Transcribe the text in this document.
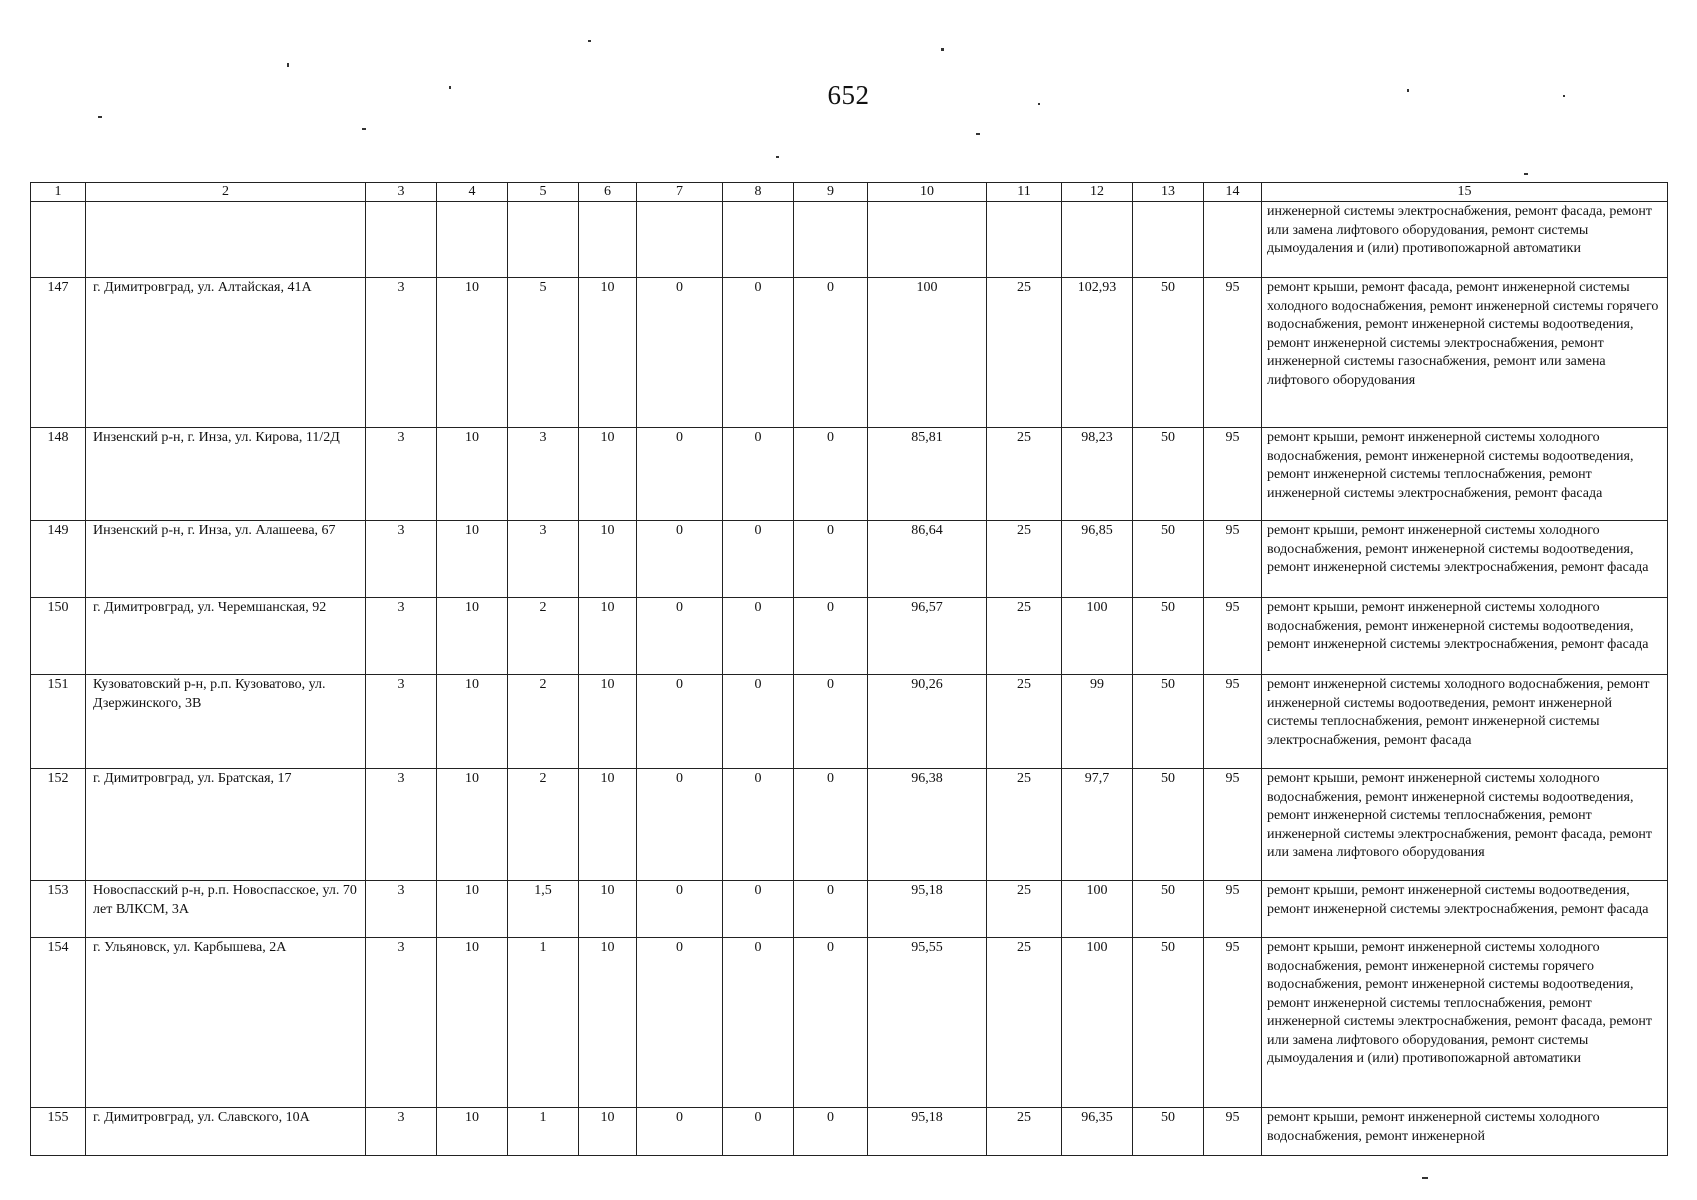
652
1	2	3	4	5	6	7	8	9	10	11	12	13	14	15
														инженерной системы электроснабжения, ремонт фасада, ремонт или замена лифтового оборудования, ремонт системы дымоудаления и (или) противопожарной автоматики
147	г. Димитровград, ул. Алтайская, 41А	3	10	5	10	0	0	0	100	25	102,93	50	95	ремонт крыши, ремонт фасада, ремонт инженерной системы холодного водоснабжения, ремонт инженерной системы горячего водоснабжения, ремонт инженерной системы водоотведения, ремонт инженерной системы электроснабжения, ремонт инженерной системы газоснабжения, ремонт или замена лифтового оборудования
148	Инзенский р-н, г. Инза, ул. Кирова, 11/2Д	3	10	3	10	0	0	0	85,81	25	98,23	50	95	ремонт крыши, ремонт инженерной системы холодного водоснабжения, ремонт инженерной системы водоотведения, ремонт инженерной системы теплоснабжения, ремонт инженерной системы электроснабжения, ремонт фасада
149	Инзенский р-н, г. Инза, ул. Алашеева, 67	3	10	3	10	0	0	0	86,64	25	96,85	50	95	ремонт крыши, ремонт инженерной системы холодного водоснабжения, ремонт инженерной системы водоотведения, ремонт инженерной системы электроснабжения, ремонт фасада
150	г. Димитровград, ул. Черемшанская, 92	3	10	2	10	0	0	0	96,57	25	100	50	95	ремонт крыши, ремонт инженерной системы холодного водоснабжения, ремонт инженерной системы водоотведения, ремонт инженерной системы электроснабжения, ремонт фасада
151	Кузоватовский р-н, р.п. Кузоватово, ул. Дзержинского, 3В	3	10	2	10	0	0	0	90,26	25	99	50	95	ремонт инженерной системы холодного водоснабжения, ремонт инженерной системы водоотведения, ремонт инженерной системы теплоснабжения, ремонт инженерной системы электроснабжения, ремонт фасада
152	г. Димитровград, ул. Братская, 17	3	10	2	10	0	0	0	96,38	25	97,7	50	95	ремонт крыши, ремонт инженерной системы холодного водоснабжения, ремонт инженерной системы водоотведения, ремонт инженерной системы теплоснабжения, ремонт инженерной системы электроснабжения, ремонт фасада, ремонт или замена лифтового оборудования
153	Новоспасский р-н, р.п. Новоспасское, ул. 70 лет ВЛКСМ, 3А	3	10	1,5	10	0	0	0	95,18	25	100	50	95	ремонт крыши, ремонт инженерной системы водоотведения, ремонт инженерной системы электроснабжения, ремонт фасада
154	г. Ульяновск, ул. Карбышева, 2А	3	10	1	10	0	0	0	95,55	25	100	50	95	ремонт крыши, ремонт инженерной системы холодного водоснабжения, ремонт инженерной системы горячего водоснабжения, ремонт инженерной системы водоотведения, ремонт инженерной системы теплоснабжения, ремонт инженерной системы электроснабжения, ремонт фасада, ремонт или замена лифтового оборудования, ремонт системы дымоудаления и (или) противопожарной автоматики
155	г. Димитровград, ул. Славского, 10А	3	10	1	10	0	0	0	95,18	25	96,35	50	95	ремонт крыши, ремонт инженерной системы холодного водоснабжения, ремонт инженерной
